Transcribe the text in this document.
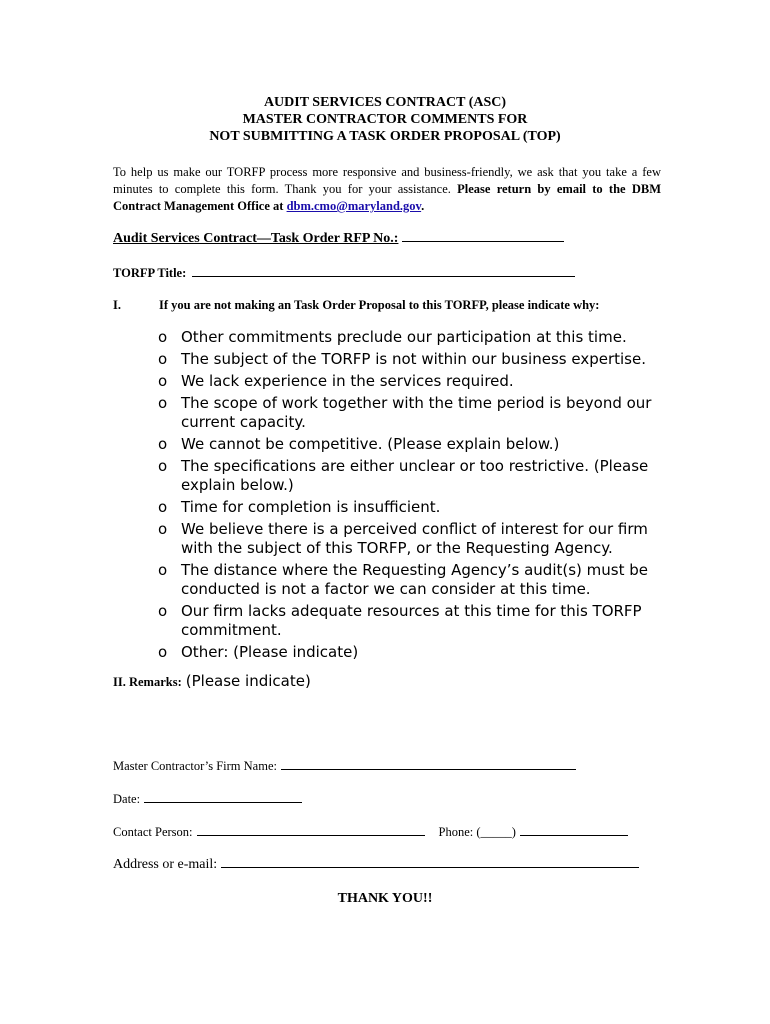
AUDIT SERVICES CONTRACT (ASC)
MASTER CONTRACTOR COMMENTS FOR
NOT SUBMITTING A TASK ORDER PROPOSAL (TOP)
To help us make our TORFP process more responsive and business-friendly, we ask that you take a few minutes to complete this form. Thank you for your assistance. Please return by email to the DBM Contract Management Office at dbm.cmo@maryland.gov.
Audit Services Contract—Task Order RFP No.:
TORFP Title:
I.	If you are not making an Task Order Proposal to this TORFP, please indicate why:
o Other commitments preclude our participation at this time.
o The subject of the TORFP is not within our business expertise.
o We lack experience in the services required.
o The scope of work together with the time period is beyond our current capacity.
o We cannot be competitive. (Please explain below.)
o The specifications are either unclear or too restrictive. (Please explain below.)
o Time for completion is insufficient.
o We believe there is a perceived conflict of interest for our firm with the subject of this TORFP, or the Requesting Agency.
o The distance where the Requesting Agency’s audit(s) must be conducted is not a factor we can consider at this time.
o Our firm lacks adequate resources at this time for this TORFP commitment.
o Other: (Please indicate)
II. Remarks: (Please indicate)
Master Contractor’s Firm Name:
Date:
Contact Person:	Phone: (_____)
Address or e-mail:
THANK YOU!!
